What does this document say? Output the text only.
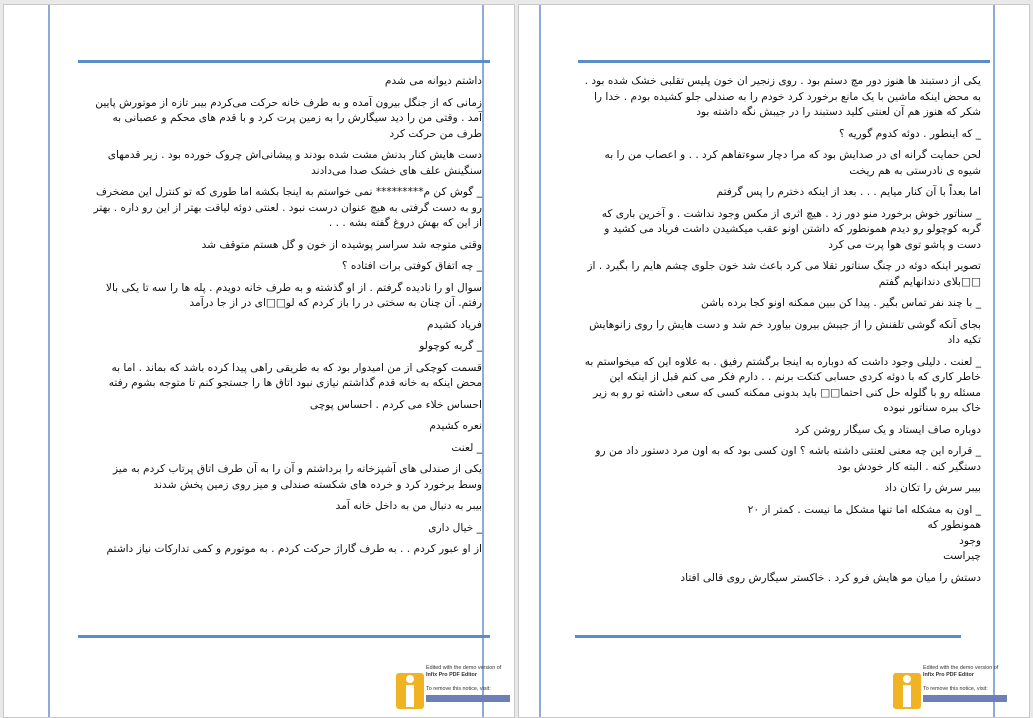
داشتم دیوانه می شدم

زمانی که از جنگل بیرون آمده و به طرف خانه حرکت می‌کردم بیبر تازه از موتورش پایین آمد . وقتی من را دید سیگارش را به زمین پرت کرد و با قدم های محکم و عصبانی به طرف من حرکت کرد

دست هایش کنار بدنش مشت شده بودند و پیشانی‌اش چروک خورده بود . زیر قدمهای سنگینش علف های خشک صدا می‌دادند

_ گوش کن م********* نمی خواستم به اینجا بکشه اما طوری که تو کنترل این مضخرف رو به دست گرفتی به هیچ عنوان درست نبود . لعنتی دوئه لیاقت بهتر از این رو داره . بهتر از این که بهش دروغ گفته بشه . . .

وقتی متوجه شد سراسر پوشیده از خون و گل هستم متوقف شد

_ چه اتفاق کوفتی برات افتاده ؟

سوال او را نادیده گرفتم . از او گذشته و به طرف خانه دویدم . پله ها را سه تا یکی بالا رفتم. آن چنان به سختی در را باز کردم که لو□□ای در از جا درآمد

فریاد کشیدم

_ گربه کوچولو

قسمت کوچکی از من امیدوار بود که به طریقی راهی پیدا کرده باشد که بماند . اما به محض اینکه به خانه قدم گذاشتم نیازی نبود اتاق ها را جستجو کنم تا متوجه بشوم رفته

احساس خلاء می کردم . احساس پوچی

نعره کشیدم

_ لعنت

یکی از صندلی های آشپزخانه را برداشتم و آن را به آن طرف اتاق پرتاب کردم به میز وسط برخورد کرد و خرده های شکسته صندلی و میز روی زمین پخش شدند

بیبر به دنبال من به داخل خانه آمد

_ خیال داری

از او عبور کردم . . به طرف گاراژ حرکت کردم . به موتورم و کمی تدارکات نیاز داشتم

Edited with the demo version of
Infix Pro PDF Editor
To remove this notice, visit:

یکی از دستبند ها هنوز دور مچ دستم بود . روی زنجیر ان خون پلیس تقلبی خشک شده بود . به محض اینکه ماشین با یک مانع برخورد کرد خودم را به صندلی جلو کشیده بودم . خدا را شکر که هنوز هم آن لعنتی کلید دستبند را در جیبش نگه داشته بود

_ که اینطور . دوئه کدوم گوریه ؟

لحن حمایت گرانه ای در صدایش بود که مرا دچار سوءتفاهم کرد . . و اعصاب من را به شیوه ی نادرستی به هم ریخت

اما بعداً با آن کنار میایم . . . بعد از اینکه دخترم را پس گرفتم

_ سناتور خوش برخورد منو دور زد . هیچ اثری از مکس وجود نداشت . و آخرین باری که گربه کوچولو رو دیدم همونطور که داشتن اونو عقب میکشیدن داشت فریاد می کشید و دست و پاشو توی هوا پرت می کرد

تصویر اینکه دوئه در چنگ سناتور تقلا می کرد باعث شد خون جلوی چشم هایم را بگیرد . از □□بلای دندانهایم گفتم

_ با چند نفر تماس بگیر . پیدا کن ببین ممکنه اونو کجا برده باشن

بجای آنکه گوشی تلفنش را از جیبش بیرون بیاورد خم شد و دست هایش را روی زانوهایش تکیه داد

_ لعنت . دلیلی وجود داشت که دوباره به اینجا برگشتم رفیق . به علاوه این که میخواستم به خاطر کاری که با دوئه کردی حسابی کتکت برنم . . دارم فکر می کنم قبل از اینکه این مسئله رو با گلوله حل کنی احتما□□ باید بدونی ممکنه کسی که سعی داشته تو رو به زیر خاک ببره سناتور نبوده

دوباره صاف ایستاد و یک سیگار روشن کرد

_ قراره این چه معنی لعنتی داشته باشه ؟ اون کسی بود که به اون مرد دستور داد من رو دستگیر کنه . البته کار خودش بود

بیبر سرش را تکان داد

_ اون به مشکله اما تنها مشکل ما نیست . کمتر از ۲۰
همونطور که
وجود
چیراست

دستش را میان مو هایش فرو کرد . خاکستر سیگارش روی قالی افتاد

Edited with the demo version of
Infix Pro PDF Editor
To remove this notice, visit:
